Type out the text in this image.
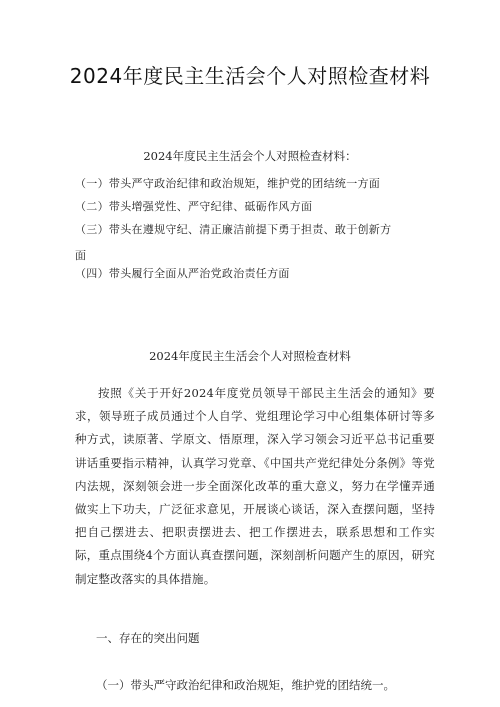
2024年度民主生活会个人对照检查材料
2024年度民主生活会个人对照检查材料：
（一）带头严守政治纪律和政治规矩，维护党的团结统一方面
（二）带头增强党性、严守纪律、砥砺作风方面
（三）带头在遵规守纪、清正廉洁前提下勇于担责、敢于创新方
面
（四）带头履行全面从严治党政治责任方面
2024年度民主生活会个人对照检查材料
按照《关于开好2024年度党员领导干部民主生活会的通知》要求，领导班子成员通过个人自学、党组理论学习中心组集体研讨等多种方式，读原著、学原文、悟原理，深入学习领会习近平总书记重要讲话重要指示精神，认真学习党章、《中国共产党纪律处分条例》等党内法规，深刻领会进一步全面深化改革的重大意义，努力在学懂弄通做实上下功夫，广泛征求意见，开展谈心谈话，深入查摆问题，坚持把自己摆进去、把职责摆进去、把工作摆进去，联系思想和工作实际，重点围绕4个方面认真查摆问题，深刻剖析问题产生的原因，研究制定整改落实的具体措施。
一、存在的突出问题
（一）带头严守政治纪律和政治规矩，维护党的团结统一。
